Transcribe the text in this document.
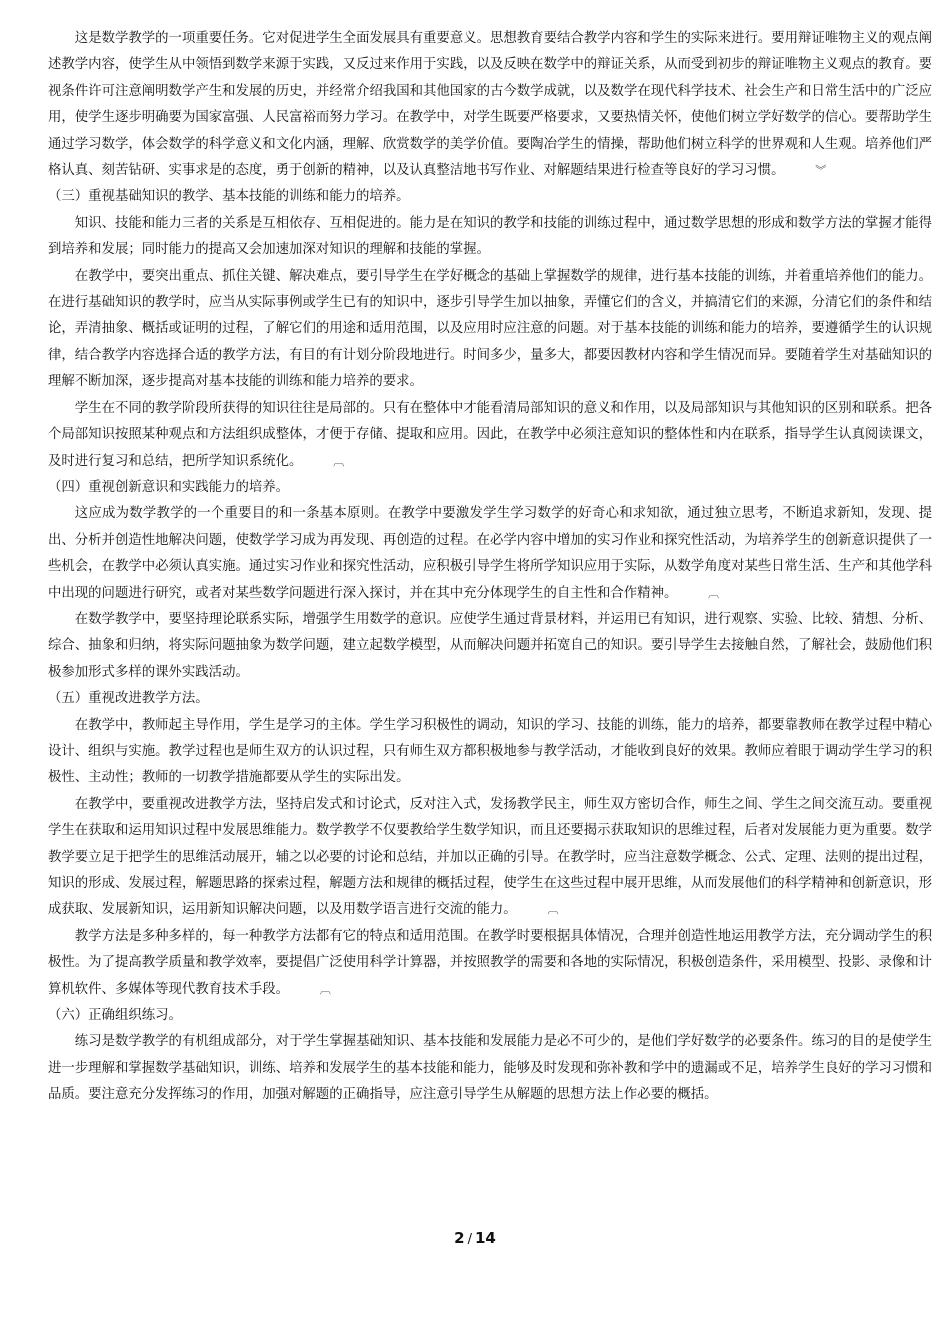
这是数学教学的一项重要任务。它对促进学生全面发展具有重要意义。思想教育要结合教学内容和学生的实际来进行。要用辩证唯物主义的观点阐述教学内容，使学生从中领悟到数学来源于实践，又反过来作用于实践，以及反映在数学中的辩证关系，从而受到初步的辩证唯物主义观点的教育。要视条件许可注意阐明数学产生和发展的历史，并经常介绍我国和其他国家的古今数学成就，以及数学在现代科学技术、社会生产和日常生活中的广泛应用，使学生逐步明确要为国家富强、人民富裕而努力学习。在教学中，对学生既要严格要求，又要热情关怀，使他们树立学好数学的信心。要帮助学生通过学习数学，体会数学的科学意义和文化内涵，理解、欣赏数学的美学价值。要陶冶学生的情操，帮助他们树立科学的世界观和人生观。培养他们严格认真、刻苦钻研、实事求是的态度，勇于创新的精神，以及认真整洁地书写作业、对解题结果进行检查等良好的学习习惯。	︾

（三）重视基础知识的教学、基本技能的训练和能力的培养。

知识、技能和能力三者的关系是互相依存、互相促进的。能力是在知识的教学和技能的训练过程中，通过数学思想的形成和数学方法的掌握才能得到培养和发展；同时能力的提高又会加速加深对知识的理解和技能的掌握。

在教学中，要突出重点、抓住关键、解决难点，要引导学生在学好概念的基础上掌握数学的规律，进行基本技能的训练，并着重培养他们的能力。在进行基础知识的教学时，应当从实际事例或学生已有的知识中，逐步引导学生加以抽象，弄懂它们的含义，并搞清它们的来源，分清它们的条件和结论，弄清抽象、概括或证明的过程，了解它们的用途和适用范围，以及应用时应注意的问题。对于基本技能的训练和能力的培养，要遵循学生的认识规律，结合教学内容选择合适的教学方法，有目的有计划分阶段地进行。时间多少，量多大，都要因教材内容和学生情况而异。要随着学生对基础知识的理解不断加深，逐步提高对基本技能的训练和能力培养的要求。

学生在不同的教学阶段所获得的知识往往是局部的。只有在整体中才能看清局部知识的意义和作用，以及局部知识与其他知识的区别和联系。把各个局部知识按照某种观点和方法组织成整体，才便于存储、提取和应用。因此，在教学中必须注意知识的整体性和内在联系，指导学生认真阅读课文，及时进行复习和总结，把所学知识系统化。	︹

（四）重视创新意识和实践能力的培养。

这应成为数学教学的一个重要目的和一条基本原则。在教学中要激发学生学习数学的好奇心和求知欲，通过独立思考，不断追求新知，发现、提出、分析并创造性地解决问题，使数学学习成为再发现、再创造的过程。在必学内容中增加的实习作业和探究性活动，为培养学生的创新意识提供了一些机会，在教学中必须认真实施。通过实习作业和探究性活动，应积极引导学生将所学知识应用于实际，从数学角度对某些日常生活、生产和其他学科中出现的问题进行研究，或者对某些数学问题进行深入探讨，并在其中充分体现学生的自主性和合作精神。	︹

在数学教学中，要坚持理论联系实际，增强学生用数学的意识。应使学生通过背景材料，并运用已有知识，进行观察、实验、比较、猜想、分析、综合、抽象和归纳，将实际问题抽象为数学问题，建立起数学模型，从而解决问题并拓宽自己的知识。要引导学生去接触自然，了解社会，鼓励他们积极参加形式多样的课外实践活动。

（五）重视改进教学方法。

在教学中，教师起主导作用，学生是学习的主体。学生学习积极性的调动，知识的学习、技能的训练，能力的培养，都要靠教师在教学过程中精心设计、组织与实施。教学过程也是师生双方的认识过程，只有师生双方都积极地参与教学活动，才能收到良好的效果。教师应着眼于调动学生学习的积极性、主动性；教师的一切教学措施都要从学生的实际出发。

在教学中，要重视改进教学方法，坚持启发式和讨论式，反对注入式，发扬教学民主，师生双方密切合作，师生之间、学生之间交流互动。要重视学生在获取和运用知识过程中发展思维能力。数学教学不仅要教给学生数学知识，而且还要揭示获取知识的思维过程，后者对发展能力更为重要。数学教学要立足于把学生的思维活动展开，辅之以必要的讨论和总结，并加以正确的引导。在教学时，应当注意数学概念、公式、定理、法则的提出过程，知识的形成、发展过程，解题思路的探索过程，解题方法和规律的概括过程，使学生在这些过程中展开思维，从而发展他们的科学精神和创新意识，形成获取、发展新知识，运用新知识解决问题，以及用数学语言进行交流的能力。	︹

教学方法是多种多样的，每一种教学方法都有它的特点和适用范围。在教学时要根据具体情况，合理并创造性地运用教学方法，充分调动学生的积极性。为了提高教学质量和教学效率，要提倡广泛使用科学计算器，并按照教学的需要和各地的实际情况，积极创造条件，采用模型、投影、录像和计算机软件、多媒体等现代教育技术手段。	︹

（六）正确组织练习。

练习是数学教学的有机组成部分，对于学生掌握基础知识、基本技能和发展能力是必不可少的，是他们学好数学的必要条件。练习的目的是使学生进一步理解和掌握数学基础知识，训练、培养和发展学生的基本技能和能力，能够及时发现和弥补教和学中的遗漏或不足，培养学生良好的学习习惯和品质。要注意充分发挥练习的作用，加强对解题的正确指导，应注意引导学生从解题的思想方法上作必要的概括。

2 / 14
